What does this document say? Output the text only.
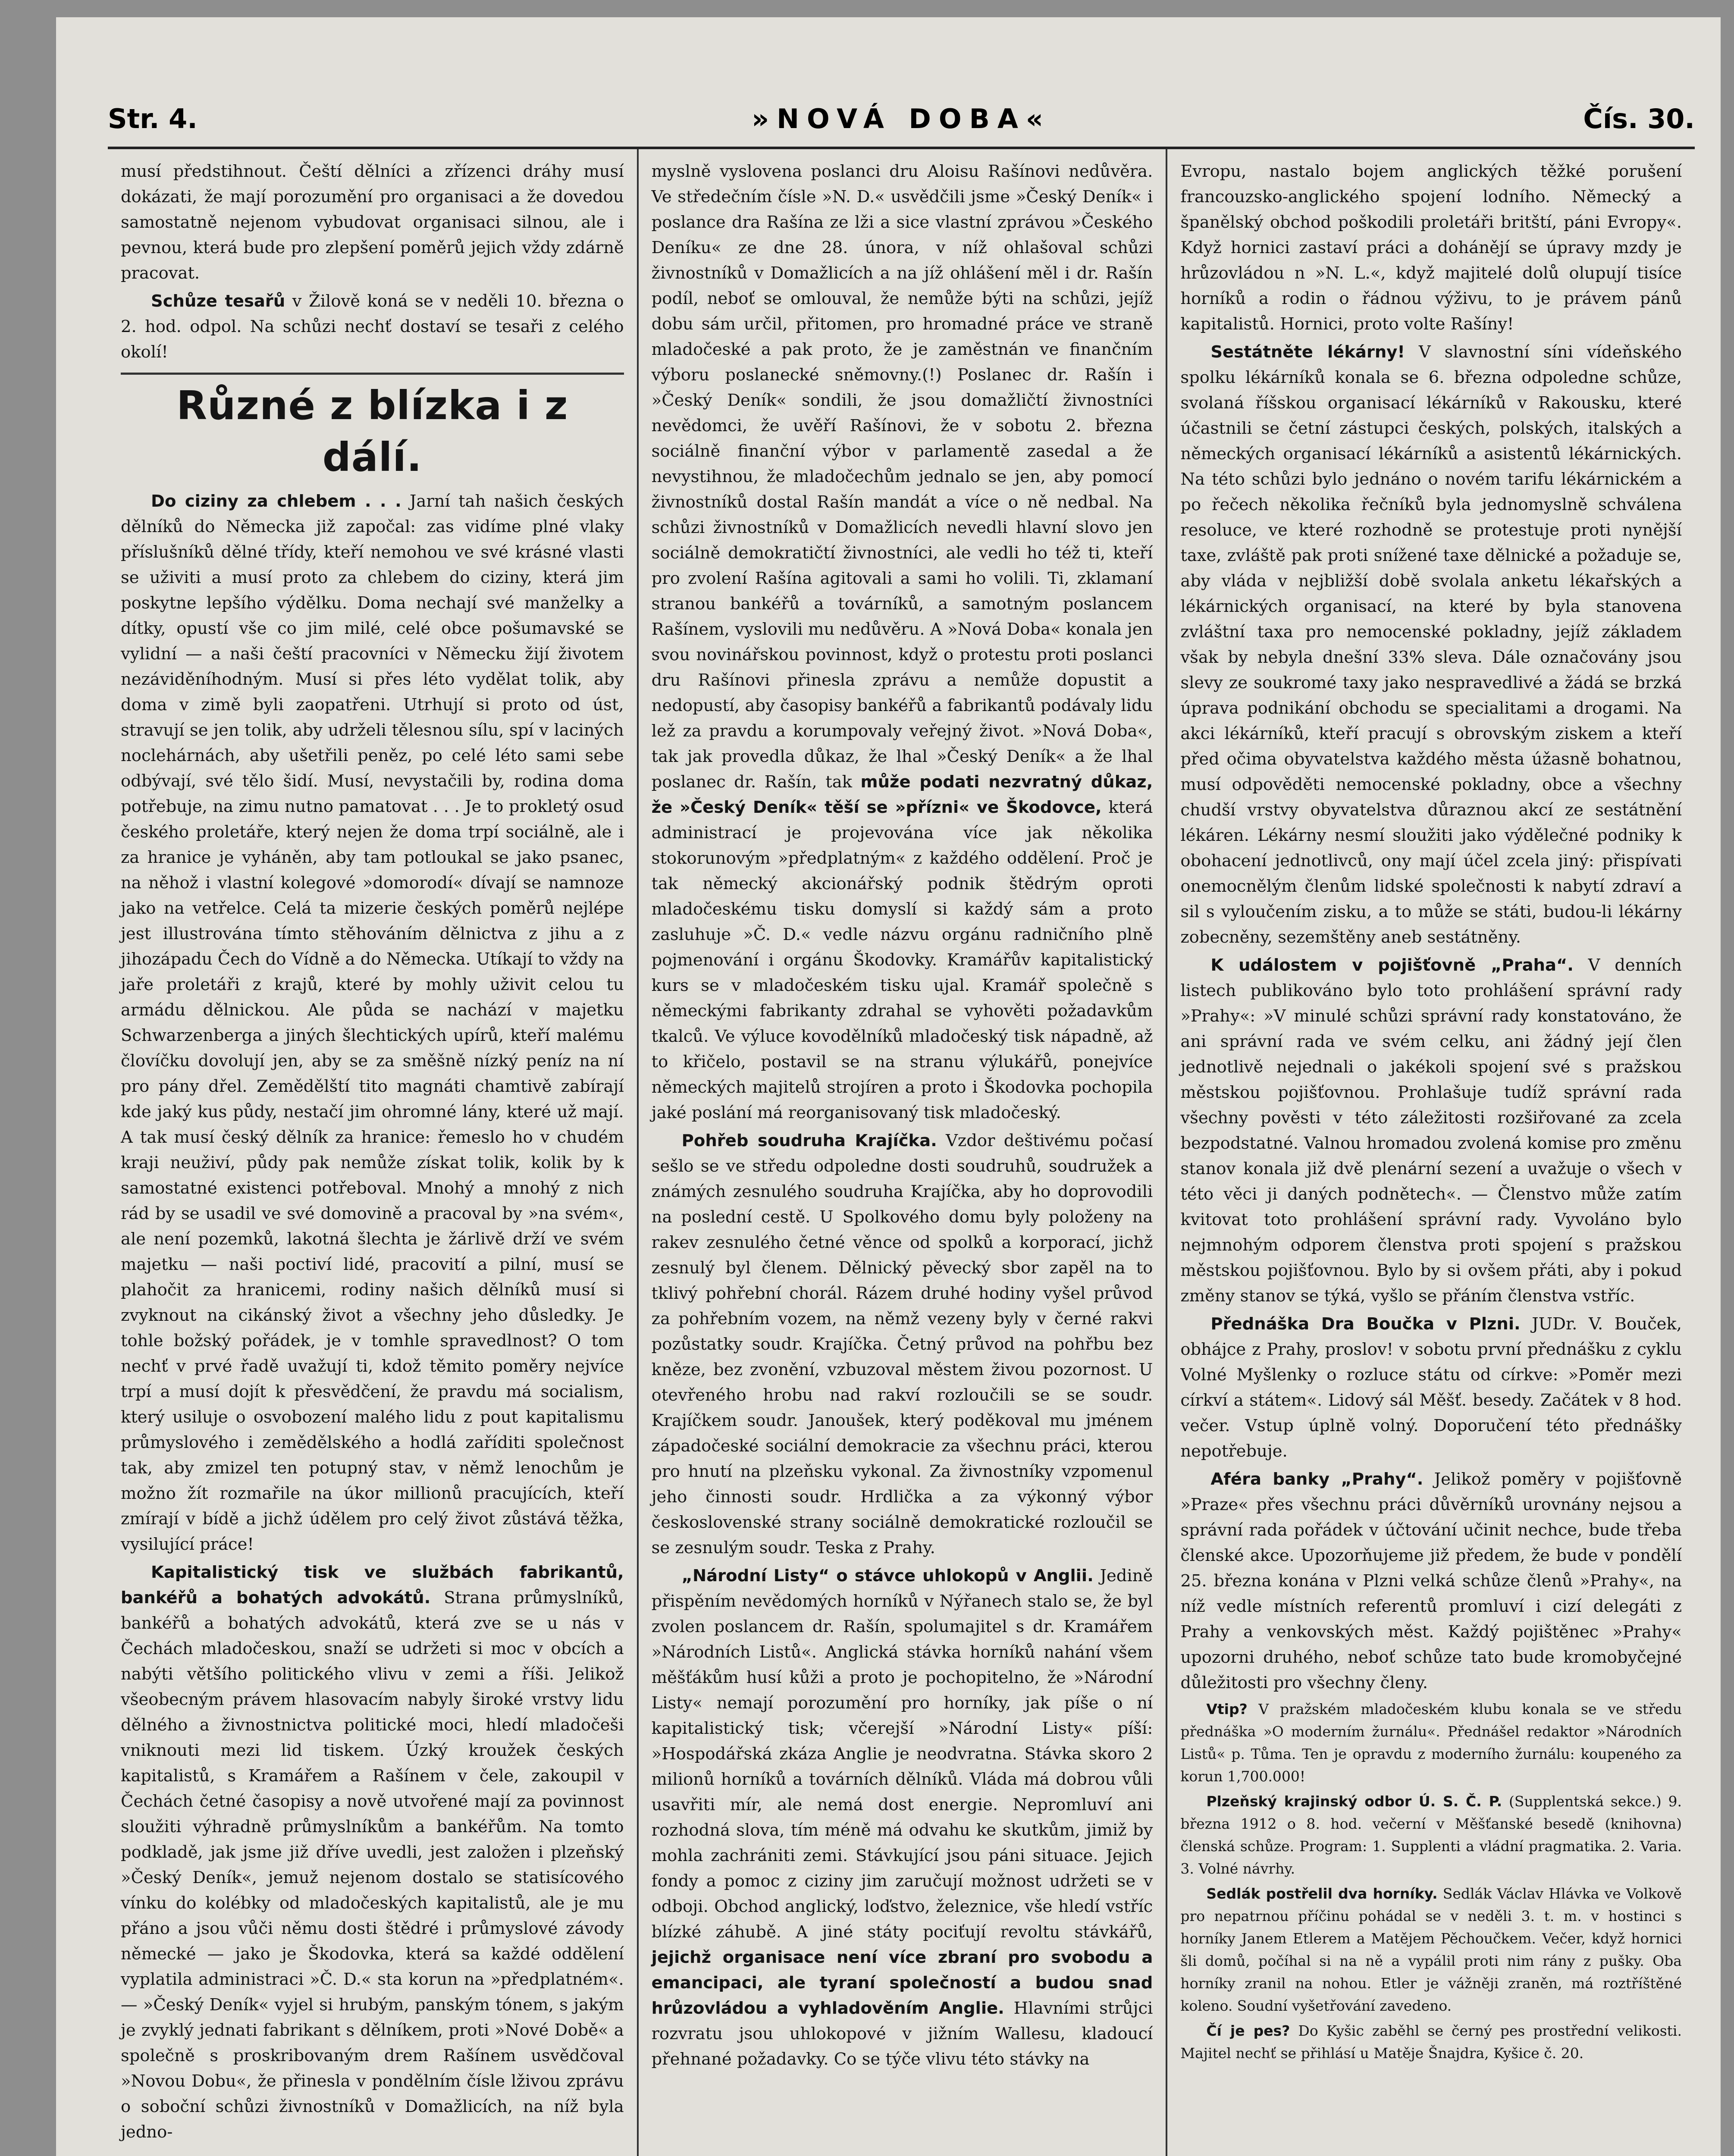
Str. 4.	»NOVÁ DOBA«	Čís. 30.

musí předstihnout. Čeští dělníci a zřízenci dráhy musí dokázati, že mají porozumění pro organisaci a že dovedou samostatně nejenom vybudovat organisaci silnou, ale i pevnou, která bude pro zlepšení poměrů jejich vždy zdárně pracovat.

Schůze tesařů v Žilově koná se v neděli 10. března o 2. hod. odpol. Na schůzi nechť dostaví se tesaři z celého okolí!

Různé z blízka i z dálí.

Do ciziny za chlebem . . . Jarní tah našich českých dělníků do Německa již započal: zas vidíme plné vlaky příslušníků dělné třídy, kteří nemohou ve své krásné vlasti se uživiti a musí proto za chlebem do ciziny, která jim poskytne lepšího výdělku. Doma nechají své manželky a dítky, opustí vše co jim milé, celé obce pošumavské se vylidní — a naši čeští pracovníci v Německu žijí životem nezáviděníhodným. Musí si přes léto vydělat tolik, aby doma v zimě byli zaopatřeni. Utrhují si proto od úst, stravují se jen tolik, aby udrželi tělesnou sílu, spí v laciných noclehárnách, aby ušetřili peněz, po celé léto sami sebe odbývají, své tělo šidí. Musí, nevystačili by, rodina doma potřebuje, na zimu nutno pamatovat . . . Je to prokletý osud českého proletáře, který nejen že doma trpí sociálně, ale i za hranice je vyháněn, aby tam potloukal se jako psanec, na něhož i vlastní kolegové »domorodí« dívají se namnoze jako na vetřelce. Celá ta mizerie českých poměrů nejlépe jest illustrována tímto stěhováním dělnictva z jihu a z jihozápadu Čech do Vídně a do Německa. Utíkají to vždy na jaře proletáři z krajů, které by mohly uživit celou tu armádu dělnickou. Ale půda se nachází v majetku Schwarzenberga a jiných šlechtických upírů, kteří malému človíčku dovolují jen, aby se za směšně nízký peníz na ní pro pány dřel. Zemědělští tito magnáti chamtivě zabírají kde jaký kus půdy, nestačí jim ohromné lány, které už mají. A tak musí český dělník za hranice: řemeslo ho v chudém kraji neuživí, půdy pak nemůže získat tolik, kolik by k samostatné existenci potřeboval. Mnohý a mnohý z nich rád by se usadil ve své domovině a pracoval by »na svém«, ale není pozemků, lakotná šlechta je žárlivě drží ve svém majetku — naši poctiví lidé, pracovití a pilní, musí se plahočit za hranicemi, rodiny našich dělníků musí si zvyknout na cikánský život a všechny jeho důsledky. Je tohle božský pořádek, je v tomhle spravedlnost? O tom nechť v prvé řadě uvažují ti, kdož těmito poměry nejvíce trpí a musí dojít k přesvědčení, že pravdu má socialism, který usiluje o osvobození malého lidu z pout kapitalismu průmyslového i zemědělského a hodlá zaříditi společnost tak, aby zmizel ten potupný stav, v němž lenochům je možno žít rozmařile na úkor millionů pracujících, kteří zmírají v bídě a jichž údělem pro celý život zůstává těžka, vysilující práce!

Kapitalistický tisk ve službách fabrikantů, bankéřů a bohatých advokátů. Strana průmyslníků, bankéřů a bohatých advokátů, která zve se u nás v Čechách mladočeskou, snaží se udržeti si moc v obcích a nabýti většího politického vlivu v zemi a říši. Jelikož všeobecným právem hlasovacím nabyly široké vrstvy lidu dělného a živnostnictva politické moci, hledí mladočeši vniknouti mezi lid tiskem. Úzký kroužek českých kapitalistů, s Kramářem a Rašínem v čele, zakoupil v Čechách četné časopisy a nově utvořené mají za povinnost sloužiti výhradně průmyslníkům a bankéřům. Na tomto podkladě, jak jsme již dříve uvedli, jest založen i plzeňský »Český Deník«, jemuž nejenom dostalo se statisícového vínku do kolébky od mladočeských kapitalistů, ale je mu přáno a jsou vůči němu dosti štědré i průmyslové závody německé — jako je Škodovka, která sa každé oddělení vyplatila administraci »Č. D.« sta korun na »předplatném«. — »Český Deník« vyjel si hrubým, panským tónem, s jakým je zvyklý jednati fabrikant s dělníkem, proti »Nové Době« a společně s proskribovaným drem Rašínem usvědčoval »Novou Dobu«, že přinesla v pondělním čísle lživou zprávu o soboční schůzi živnostníků v Domažlicích, na níž byla jedno-

myslně vyslovena poslanci dru Aloisu Rašínovi nedůvěra. Ve středečním čísle »N. D.« usvědčili jsme »Český Deník« i poslance dra Rašína ze lži a sice vlastní zprávou »Českého Deníku« ze dne 28. února, v níž ohlašoval schůzi živnostníků v Domažlicích a na jíž ohlášení měl i dr. Rašín podíl, neboť se omlouval, že nemůže býti na schůzi, jejíž dobu sám určil, přitomen, pro hromadné práce ve straně mladočeské a pak proto, že je zaměstnán ve finančním výboru poslanecké sněmovny.(!) Poslanec dr. Rašín i »Český Deník« sondili, že jsou domažličtí živnostníci nevědomci, že uvěří Rašínovi, že v sobotu 2. března sociálně finanční výbor v parlamentě zasedal a že nevystihnou, že mladočechům jednalo se jen, aby pomocí živnostníků dostal Rašín mandát a více o ně nedbal. Na schůzi živnostníků v Domažlicích nevedli hlavní slovo jen sociálně demokratičtí živnostníci, ale vedli ho též ti, kteří pro zvolení Rašína agitovali a sami ho volili. Ti, zklamaní stranou bankéřů a továrníků, a samotným poslancem Rašínem, vyslovili mu nedůvěru. A »Nová Doba« konala jen svou novinářskou povinnost, když o protestu proti poslanci dru Rašínovi přinesla zprávu a nemůže dopustit a nedopustí, aby časopisy bankéřů a fabrikantů podávaly lidu lež za pravdu a korumpovaly veřejný život. »Nová Doba«, tak jak provedla důkaz, že lhal »Český Deník« a že lhal poslanec dr. Rašín, tak může podati nezvratný důkaz, že »Český Deník« těší se »přízni« ve Škodovce, která administrací je projevována více jak několika stokorunovým »předplatným« z každého oddělení. Proč je tak německý akcionářský podnik štědrým oproti mladočeskému tisku domyslí si každý sám a proto zasluhuje »Č. D.« vedle názvu orgánu radničního plně pojmenování i orgánu Škodovky. Kramářův kapitalistický kurs se v mladočeském tisku ujal. Kramář společně s německými fabrikanty zdrahal se vyhověti požadavkům tkalců. Ve výluce kovodělníků mladočeský tisk nápadně, až to křičelo, postavil se na stranu výlukářů, ponejvíce německých majitelů strojíren a proto i Škodovka pochopila jaké poslání má reorganisovaný tisk mladočeský.

Pohřeb soudruha Krajíčka. Vzdor deštivému počasí sešlo se ve středu odpoledne dosti soudruhů, soudružek a známých zesnulého soudruha Krajíčka, aby ho doprovodili na poslední cestě. U Spolkového domu byly položeny na rakev zesnulého četné věnce od spolků a korporací, jichž zesnulý byl členem. Dělnický pěvecký sbor zapěl na to tklivý pohřební chorál. Rázem druhé hodiny vyšel průvod za pohřebním vozem, na němž vezeny byly v černé rakvi pozůstatky soudr. Krajíčka. Četný průvod na pohřbu bez kněze, bez zvonění, vzbuzoval městem živou pozornost. U otevřeného hrobu nad rakví rozloučili se se soudr. Krajíčkem soudr. Janoušek, který poděkoval mu jménem západočeské sociální demokracie za všechnu práci, kterou pro hnutí na plzeňsku vykonal. Za živnostníky vzpomenul jeho činnosti soudr. Hrdlička a za výkonný výbor československé strany sociálně demokratické rozloučil se se zesnulým soudr. Teska z Prahy.

„Národní Listy“ o stávce uhlokopů v Anglii. Jedině přispěním nevědomých horníků v Nýřanech stalo se, že byl zvolen poslancem dr. Rašín, spolumajitel s dr. Kramářem »Národních Listů«. Anglická stávka horníků nahání všem měšťákům husí kůži a proto je pochopitelno, že »Národní Listy« nemají porozumění pro horníky, jak píše o ní kapitalistický tisk; včerejší »Národní Listy« píší: »Hospodářská zkáza Anglie je neodvratna. Stávka skoro 2 milionů horníků a továrních dělníků. Vláda má dobrou vůli usavřiti mír, ale nemá dost energie. Nepromluví ani rozhodná slova, tím méně má odvahu ke skutkům, jimiž by mohla zachrániti zemi. Stávkující jsou páni situace. Jejich fondy a pomoc z ciziny jim zaručují možnost udržeti se v odboji. Obchod anglický, loďstvo, železnice, vše hledí vstříc blízké záhubě. A jiné státy pociťují revoltu stávkářů, jejichž organisace není více zbraní pro svobodu a emancipaci, ale tyraní společností a budou snad hrůzovládou a vyhladověním Anglie. Hlavními strůjci rozvratu jsou uhlokopové v jižním Wallesu, kladoucí přehnané požadavky. Co se týče vlivu této stávky na

Evropu, nastalo bojem anglických těžké porušení francouzsko-anglického spojení lodního. Německý a španělský obchod poškodili proletáři britští, páni Evropy«. Když hornici zastaví práci a dohánějí se úpravy mzdy je hrůzovládou n »N. L.«, když majitelé dolů olupují tisíce horníků a rodin o řádnou výživu, to je právem pánů kapitalistů. Hornici, proto volte Rašíny!

Sestátněte lékárny! V slavnostní síni vídeňského spolku lékárníků konala se 6. března odpoledne schůze, svolaná říšskou organisací lékárníků v Rakousku, které účastnili se četní zástupci českých, polských, italských a německých organisací lékárníků a asistentů lékárnických. Na této schůzi bylo jednáno o novém tarifu lékárnickém a po řečech několika řečníků byla jednomyslně schválena resoluce, ve které rozhodně se protestuje proti nynější taxe, zvláště pak proti snížené taxe dělnické a požaduje se, aby vláda v nejbližší době svolala anketu lékařských a lékárnických organisací, na které by byla stanovena zvláštní taxa pro nemocenské pokladny, jejíž základem však by nebyla dnešní 33% sleva. Dále označovány jsou slevy ze soukromé taxy jako nespravedlivé a žádá se brzká úprava podnikání obchodu se specialitami a drogami. Na akci lékárníků, kteří pracují s obrovským ziskem a kteří před očima obyvatelstva každého města úžasně bohatnou, musí odpověděti nemocenské pokladny, obce a všechny chudší vrstvy obyvatelstva důraznou akcí ze sestátnění lékáren. Lékárny nesmí sloužiti jako výdělečné podniky k obohacení jednotlivců, ony mají účel zcela jiný: přispívati onemocnělým členům lidské společnosti k nabytí zdraví a sil s vyloučením zisku, a to může se státi, budou-li lékárny zobecněny, sezemštěny aneb sestátněny.

K událostem v pojišťovně „Praha“. V denních listech publikováno bylo toto prohlášení správní rady »Prahy«: »V minulé schůzi správní rady konstatováno, že ani správní rada ve svém celku, ani žádný její člen jednotlivě nejednali o jakékoli spojení své s pražskou městskou pojišťovnou. Prohlašuje tudíž správní rada všechny pověsti v této záležitosti rozšiřované za zcela bezpodstatné. Valnou hromadou zvolená komise pro změnu stanov konala již dvě plenární sezení a uvažuje o všech v této věci ji daných podnětech«. — Členstvo může zatím kvitovat toto prohlášení správní rady. Vyvoláno bylo nejmnohým odporem členstva proti spojení s pražskou městskou pojišťovnou. Bylo by si ovšem přáti, aby i pokud změny stanov se týká, vyšlo se přáním členstva vstříc.

Přednáška Dra Boučka v Plzni. JUDr. V. Bouček, obhájce z Prahy, proslov! v sobotu první přednášku z cyklu Volné Myšlenky o rozluce státu od církve: »Poměr mezi církví a státem«. Lidový sál Měšť. besedy. Začátek v 8 hod. večer. Vstup úplně volný. Doporučení této přednášky nepotřebuje.

Aféra banky „Prahy“. Jelikož poměry v pojišťovně »Praze« přes všechnu práci důvěrníků urovnány nejsou a správní rada pořádek v účtování učinit nechce, bude třeba členské akce. Upozorňujeme již předem, že bude v pondělí 25. března konána v Plzni velká schůze členů »Prahy«, na níž vedle místních referentů promluví i cizí delegáti z Prahy a venkovských měst. Každý pojištěnec »Prahy« upozorni druhého, neboť schůze tato bude kromobyčejné důležitosti pro všechny členy.

Vtip? V pražském mladočeském klubu konala se ve středu přednáška »O moderním žurnálu«. Přednášel redaktor »Národních Listů« p. Tůma. Ten je opravdu z moderního žurnálu: koupeného za korun 1,700.000!

Plzeňský krajinský odbor Ú. S. Č. P. (Supplentská sekce.) 9. března 1912 o 8. hod. večerní v Měšťanské besedě (knihovna) členská schůze. Program: 1. Supplenti a vládní pragmatika. 2. Varia. 3. Volné návrhy.

Sedlák postřelil dva horníky. Sedlák Václav Hlávka ve Volkově pro nepatrnou příčinu pohádal se v neděli 3. t. m. v hostinci s horníky Janem Etlerem a Matějem Pěchoučkem. Večer, když hornici šli domů, počíhal si na ně a vypálil proti nim rány z pušky. Oba horníky zranil na nohou. Etler je vážněji zraněn, má roztříštěné koleno. Soudní vyšetřování zavedeno.

Čí je pes? Do Kyšic zaběhl se černý pes prostřední velikosti. Majitel nechť se přihlásí u Matěje Šnajdra, Kyšice č. 20.
